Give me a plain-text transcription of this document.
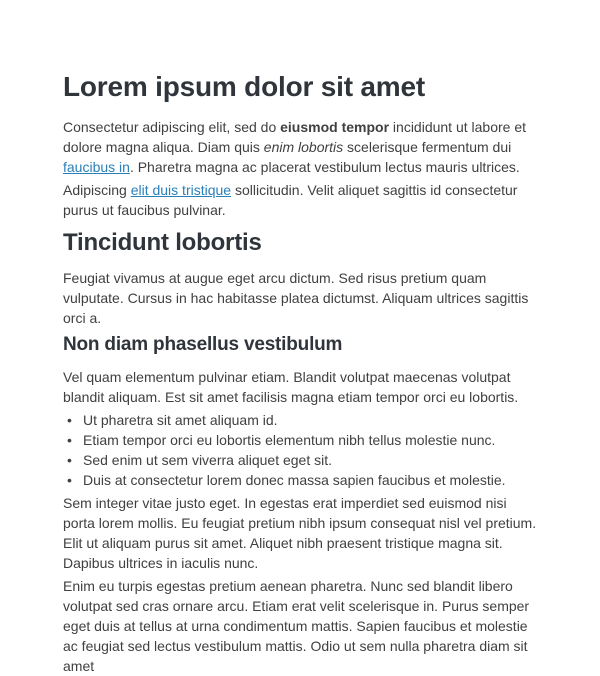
Lorem ipsum dolor sit amet

Consectetur adipiscing elit, sed do eiusmod tempor incididunt ut labore et dolore magna aliqua. Diam quis enim lobortis scelerisque fermentum dui faucibus in. Pharetra magna ac placerat vestibulum lectus mauris ultrices.

Adipiscing elit duis tristique sollicitudin. Velit aliquet sagittis id consectetur purus ut faucibus pulvinar.

Tincidunt lobortis

Feugiat vivamus at augue eget arcu dictum. Sed risus pretium quam vulputate. Cursus in hac habitasse platea dictumst. Aliquam ultrices sagittis orci a.

Non diam phasellus vestibulum

Vel quam elementum pulvinar etiam. Blandit volutpat maecenas volutpat blandit aliquam. Est sit amet facilisis magna etiam tempor orci eu lobortis.

• Ut pharetra sit amet aliquam id.
• Etiam tempor orci eu lobortis elementum nibh tellus molestie nunc.
• Sed enim ut sem viverra aliquet eget sit.
• Duis at consectetur lorem donec massa sapien faucibus et molestie.

Sem integer vitae justo eget. In egestas erat imperdiet sed euismod nisi porta lorem mollis. Eu feugiat pretium nibh ipsum consequat nisl vel pretium. Elit ut aliquam purus sit amet. Aliquet nibh praesent tristique magna sit. Dapibus ultrices in iaculis nunc.

Enim eu turpis egestas pretium aenean pharetra. Nunc sed blandit libero volutpat sed cras ornare arcu. Etiam erat velit scelerisque in. Purus semper eget duis at tellus at urna condimentum mattis. Sapien faucibus et molestie ac feugiat sed lectus vestibulum mattis. Odio ut sem nulla pharetra diam sit amet
